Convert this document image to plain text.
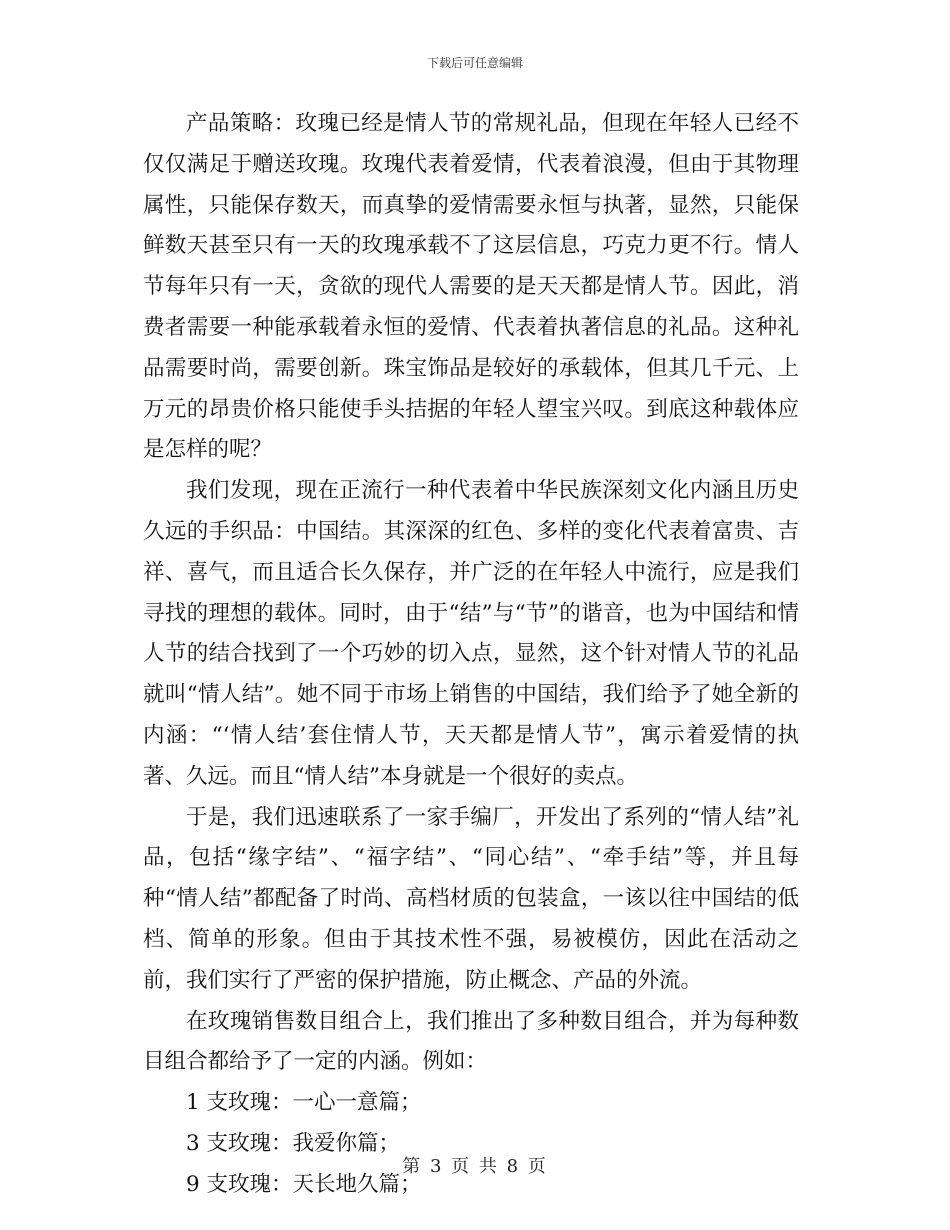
下载后可任意编辑

产品策略：玫瑰已经是情人节的常规礼品，但现在年轻人已经不仅仅满足于赠送玫瑰。玫瑰代表着爱情，代表着浪漫，但由于其物理属性，只能保存数天，而真挚的爱情需要永恒与执著，显然，只能保鲜数天甚至只有一天的玫瑰承载不了这层信息，巧克力更不行。情人节每年只有一天，贪欲的现代人需要的是天天都是情人节。因此，消费者需要一种能承载着永恒的爱情、代表着执著信息的礼品。这种礼品需要时尚，需要创新。珠宝饰品是较好的承载体，但其几千元、上万元的昂贵价格只能使手头拮据的年轻人望宝兴叹。到底这种载体应是怎样的呢？

我们发现，现在正流行一种代表着中华民族深刻文化内涵且历史久远的手织品：中国结。其深深的红色、多样的变化代表着富贵、吉祥、喜气，而且适合长久保存，并广泛的在年轻人中流行，应是我们寻找的理想的载体。同时，由于“结”与“节”的谐音，也为中国结和情人节的结合找到了一个巧妙的切入点，显然，这个针对情人节的礼品就叫“情人结”。她不同于市场上销售的中国结，我们给予了她全新的内涵：“‘情人结’套住情人节，天天都是情人节”，寓示着爱情的执著、久远。而且“情人结”本身就是一个很好的卖点。

于是，我们迅速联系了一家手编厂，开发出了系列的“情人结”礼品，包括“缘字结”、“福字结”、“同心结”、“牵手结”等，并且每种“情人结”都配备了时尚、高档材质的包装盒，一该以往中国结的低档、简单的形象。但由于其技术性不强，易被模仿，因此在活动之前，我们实行了严密的保护措施，防止概念、产品的外流。

在玫瑰销售数目组合上，我们推出了多种数目组合，并为每种数目组合都给予了一定的内涵。例如：

1 支玫瑰：一心一意篇；

3 支玫瑰：我爱你篇；

9 支玫瑰：天长地久篇；

第 3 页 共 8 页
